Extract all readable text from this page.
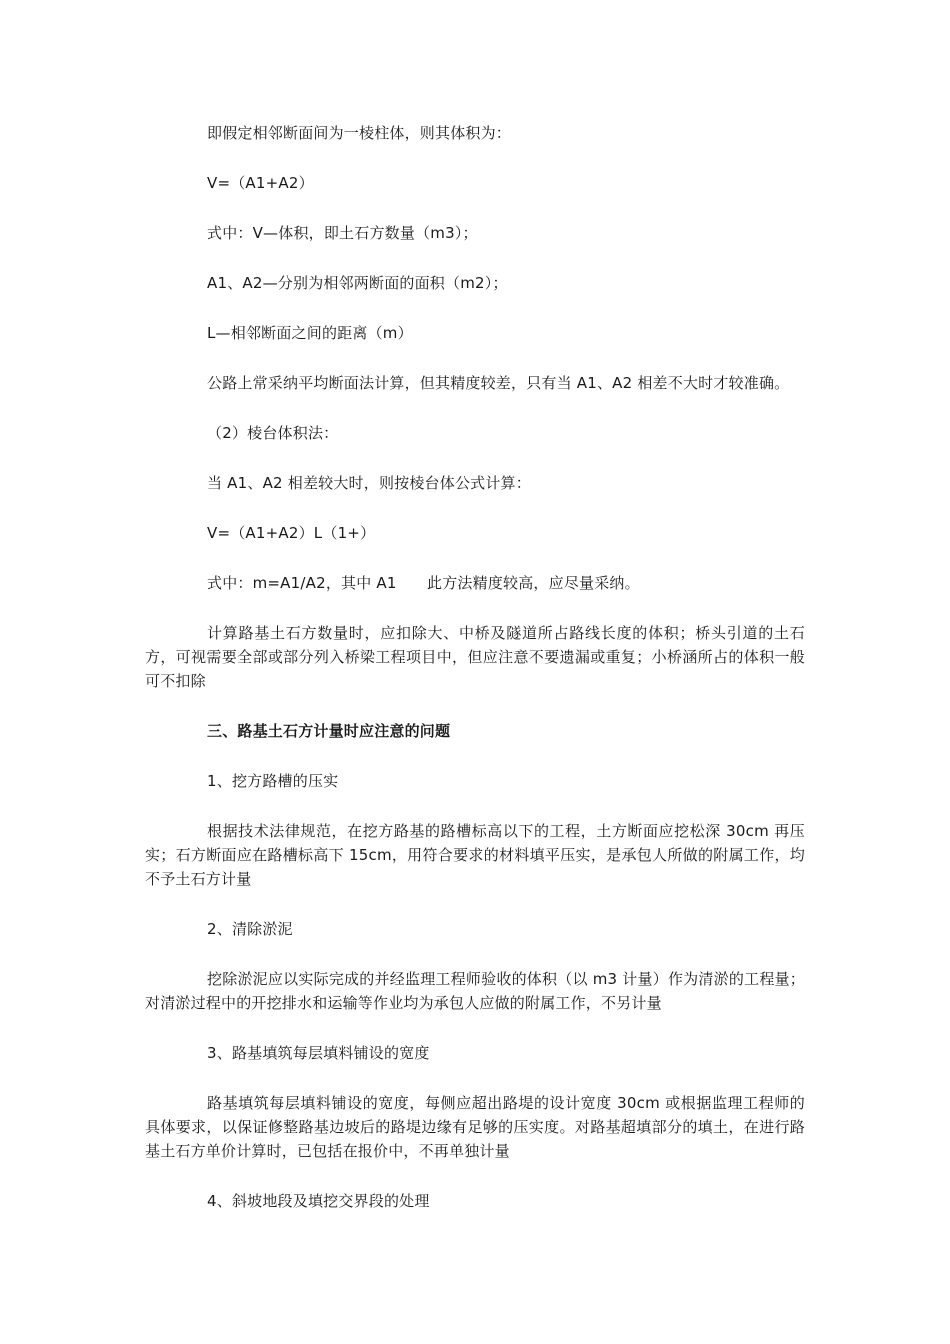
即假定相邻断面间为一棱柱体，则其体积为：

V=（A1+A2）

式中：V—体积，即土石方数量（m3）；

A1、A2—分别为相邻两断面的面积（m2）；

L—相邻断面之间的距离（m）

公路上常采纳平均断面法计算，但其精度较差，只有当 A1、A2 相差不大时才较准确。

（2）棱台体积法：

当 A1、A2 相差较大时，则按棱台体公式计算：

V=（A1+A2）L（1+）

式中：m=A1/A2，其中 A1　　此方法精度较高，应尽量采纳。

计算路基土石方数量时，应扣除大、中桥及隧道所占路线长度的体积；桥头引道的土石方，可视需要全部或部分列入桥梁工程项目中，但应注意不要遗漏或重复；小桥涵所占的体积一般可不扣除

三、路基土石方计量时应注意的问题

1、挖方路槽的压实

根据技术法律规范，在挖方路基的路槽标高以下的工程，土方断面应挖松深 30cm 再压实；石方断面应在路槽标高下 15cm，用符合要求的材料填平压实，是承包人所做的附属工作，均不予土石方计量

2、清除淤泥

挖除淤泥应以实际完成的并经监理工程师验收的体积（以 m3 计量）作为清淤的工程量；对清淤过程中的开挖排水和运输等作业均为承包人应做的附属工作，不另计量

3、路基填筑每层填料铺设的宽度

路基填筑每层填料铺设的宽度，每侧应超出路堤的设计宽度 30cm 或根据监理工程师的具体要求，以保证修整路基边坡后的路堤边缘有足够的压实度。对路基超填部分的填土，在进行路基土石方单价计算时，已包括在报价中，不再单独计量

4、斜坡地段及填挖交界段的处理
